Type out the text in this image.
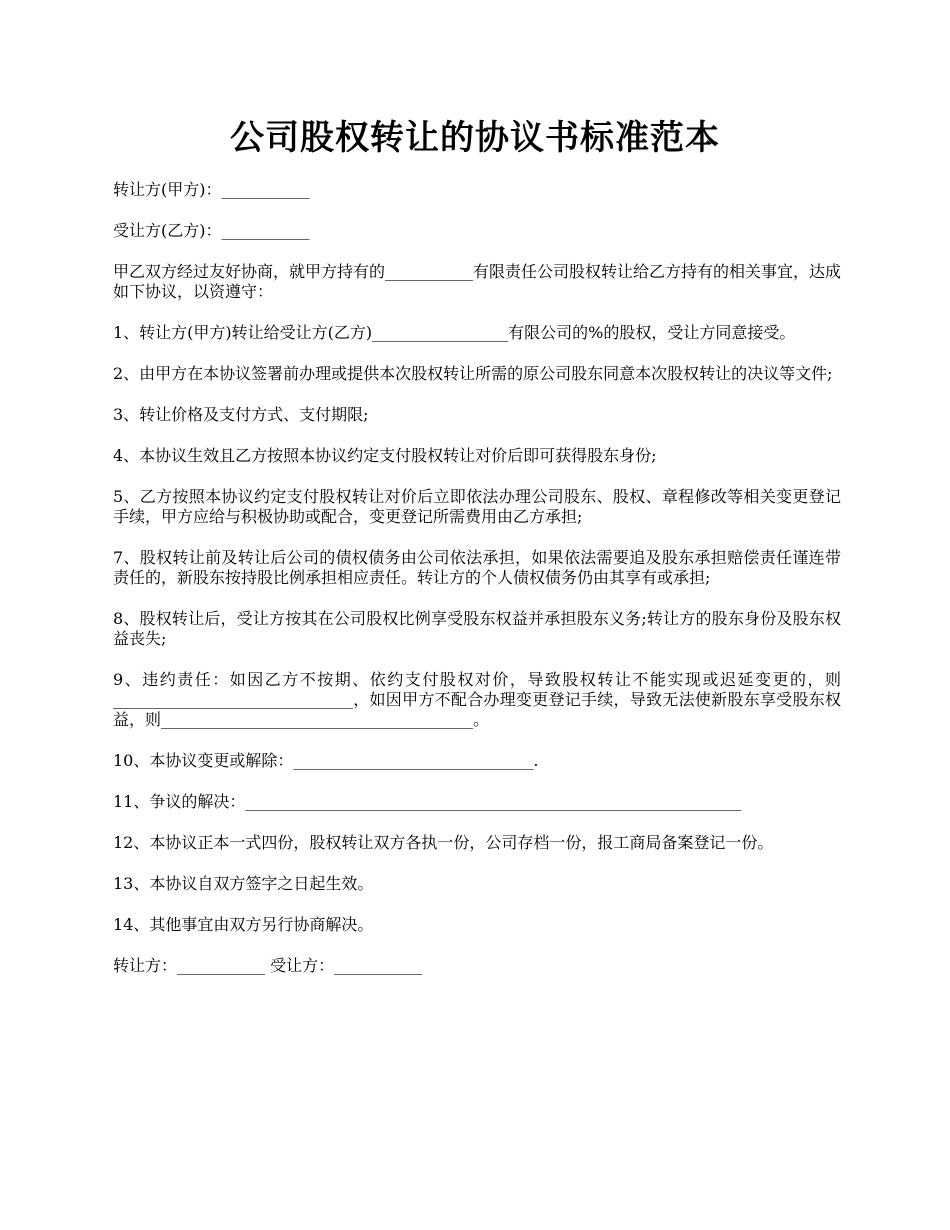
公司股权转让的协议书标准范本

转让方(甲方)：___________

受让方(乙方)：___________

甲乙双方经过友好协商，就甲方持有的___________有限责任公司股权转让给乙方持有的相关事宜，达成如下协议，以资遵守：

1、转让方(甲方)转让给受让方(乙方)_________________有限公司的%的股权，受让方同意接受。

2、由甲方在本协议签署前办理或提供本次股权转让所需的原公司股东同意本次股权转让的决议等文件;

3、转让价格及支付方式、支付期限;

4、本协议生效且乙方按照本协议约定支付股权转让对价后即可获得股东身份;

5、乙方按照本协议约定支付股权转让对价后立即依法办理公司股东、股权、章程修改等相关变更登记手续，甲方应给与积极协助或配合，变更登记所需费用由乙方承担;

7、股权转让前及转让后公司的债权债务由公司依法承担，如果依法需要追及股东承担赔偿责任谨连带责任的，新股东按持股比例承担相应责任。转让方的个人债权债务仍由其享有或承担;

8、股权转让后，受让方按其在公司股权比例享受股东权益并承担股东义务;转让方的股东身份及股东权益丧失;

9、违约责任：如因乙方不按期、依约支付股权对价，导致股权转让不能实现或迟延变更的，则______________________________，如因甲方不配合办理变更登记手续，导致无法使新股东享受股东权益，则_______________________________________。

10、本协议变更或解除：______________________________.

11、争议的解决：______________________________________________________________

12、本协议正本一式四份，股权转让双方各执一份，公司存档一份，报工商局备案登记一份。

13、本协议自双方签字之日起生效。

14、其他事宜由双方另行协商解决。

转让方：___________ 受让方：___________
